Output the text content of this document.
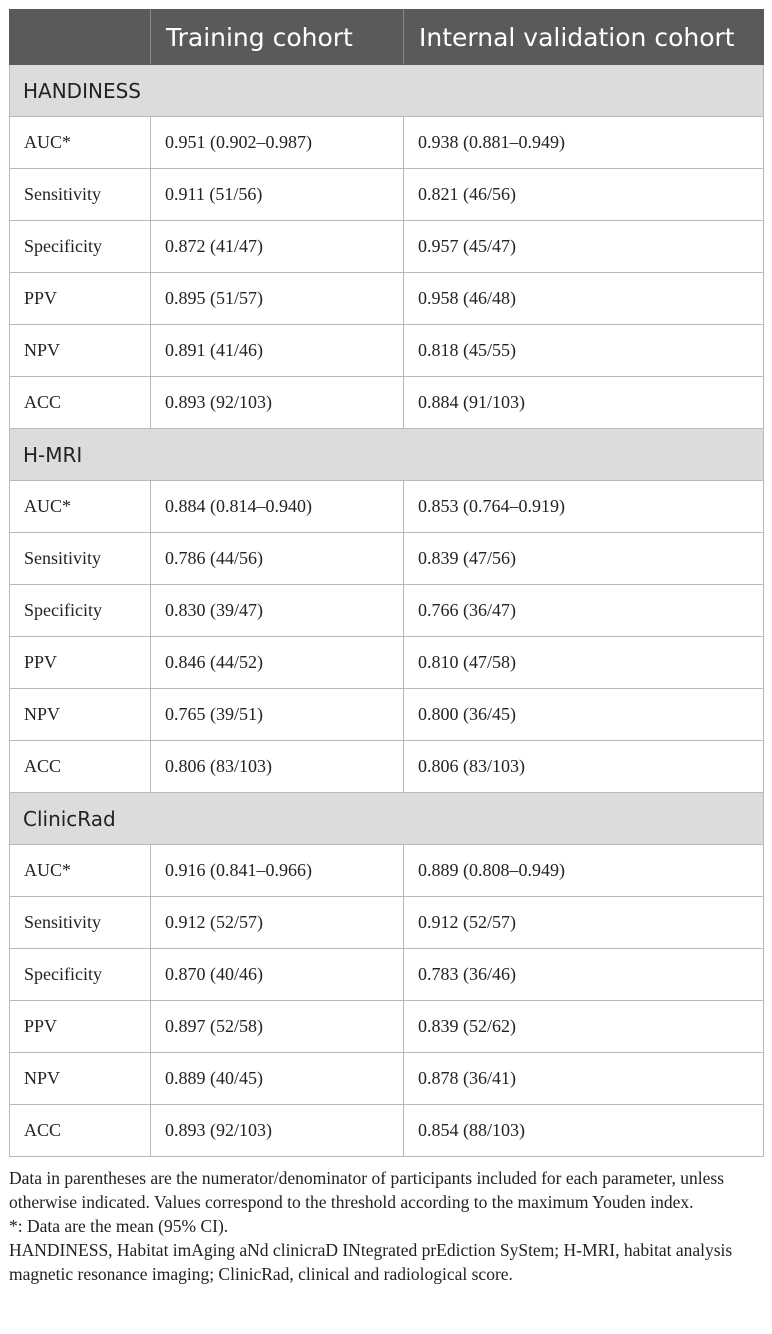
	Training cohort	Internal validation cohort
HANDINESS		
AUC*	0.951 (0.902–0.987)	0.938 (0.881–0.949)
Sensitivity	0.911 (51/56)	0.821 (46/56)
Specificity	0.872 (41/47)	0.957 (45/47)
PPV	0.895 (51/57)	0.958 (46/48)
NPV	0.891 (41/46)	0.818 (45/55)
ACC	0.893 (92/103)	0.884 (91/103)
H-MRI		
AUC*	0.884 (0.814–0.940)	0.853 (0.764–0.919)
Sensitivity	0.786 (44/56)	0.839 (47/56)
Specificity	0.830 (39/47)	0.766 (36/47)
PPV	0.846 (44/52)	0.810 (47/58)
NPV	0.765 (39/51)	0.800 (36/45)
ACC	0.806 (83/103)	0.806 (83/103)
ClinicRad		
AUC*	0.916 (0.841–0.966)	0.889 (0.808–0.949)
Sensitivity	0.912 (52/57)	0.912 (52/57)
Specificity	0.870 (40/46)	0.783 (36/46)
PPV	0.897 (52/58)	0.839 (52/62)
NPV	0.889 (40/45)	0.878 (36/41)
ACC	0.893 (92/103)	0.854 (88/103)

Data in parentheses are the numerator/denominator of participants included for each parameter, unless otherwise indicated. Values correspond to the threshold according to the maximum Youden index.

*: Data are the mean (95% CI).

HANDINESS, Habitat imAging aNd clinicraD INtegrated prEdiction SyStem; H-MRI, habitat analysis magnetic resonance imaging; ClinicRad, clinical and radiological score.
